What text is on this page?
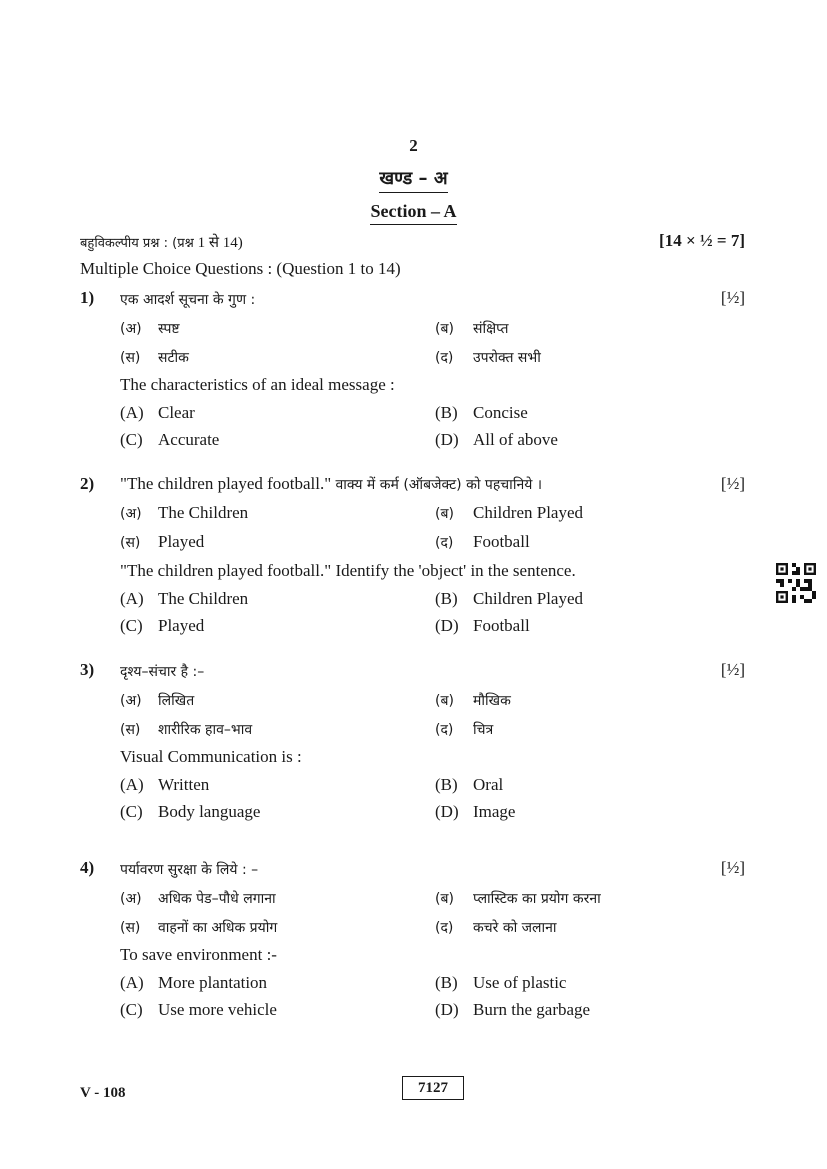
2
खण्ड – अ
Section – A
बहुविकल्पीय प्रश्न : (प्रश्न 1 से 14)	[14 × ½ = 7]
Multiple Choice Questions : (Question 1 to 14)
1) एक आदर्श सूचना के गुण :	[½]
(अ) स्पष्ट	(ब) संक्षिप्त
(स) सटीक	(द) उपरोक्त सभी
The characteristics of an ideal message :
(A) Clear	(B) Concise
(C) Accurate	(D) All of above
2) "The children played football." वाक्य में कर्म (ऑबजेक्ट) को पहचानिये ।	[½]
(अ) The Children	(ब) Children Played
(स) Played	(द) Football
"The children played football." Identify the 'object' in the sentence.
(A) The Children	(B) Children Played
(C) Played	(D) Football
3) दृश्य–संचार है :–	[½]
(अ) लिखित	(ब) मौखिक
(स) शारीरिक हाव–भाव	(द) चित्र
Visual Communication is :
(A) Written	(B) Oral
(C) Body language	(D) Image
4) पर्यावरण सुरक्षा के लिये : –	[½]
(अ) अधिक पेड–पौधे लगाना	(ब) प्लास्टिक का प्रयोग करना
(स) वाहनों का अधिक प्रयोग	(द) कचरे को जलाना
To save environment :-
(A) More plantation	(B) Use of plastic
(C) Use more vehicle	(D) Burn the garbage
V - 108	7127
